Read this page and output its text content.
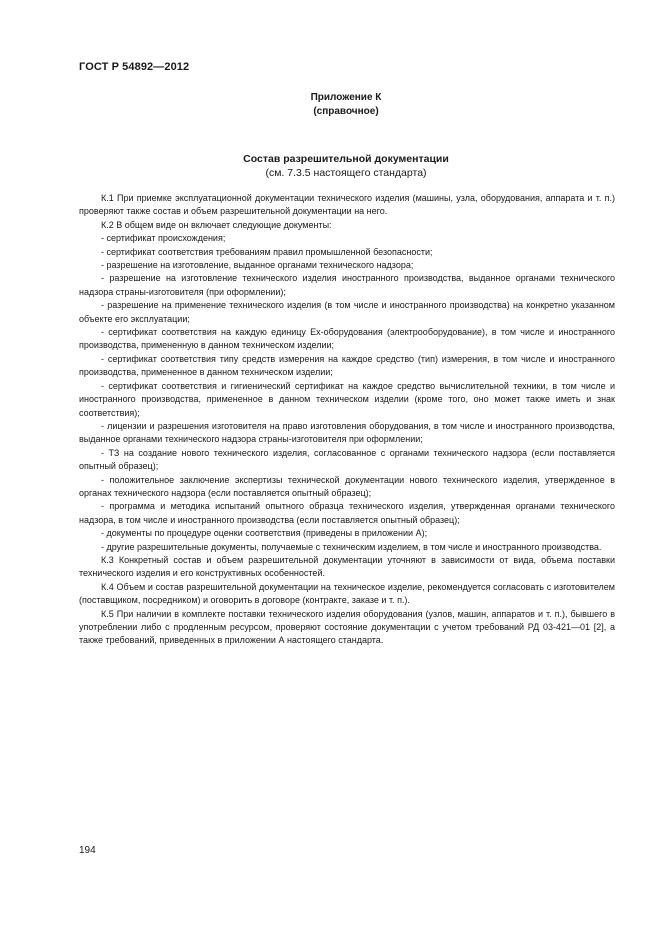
ГОСТ Р 54892—2012
Приложение К
(справочное)
Состав разрешительной документации
(см. 7.3.5 настоящего стандарта)

К.1 При приемке эксплуатационной документации технического изделия (машины, узла, оборудования, аппарата и т. п.) проверяют также состав и объем разрешительной документации на него.

К.2 В общем виде он включает следующие документы:

- сертификат происхождения;

- сертификат соответствия требованиям правил промышленной безопасности;

- разрешение на изготовление, выданное органами технического надзора;

- разрешение на изготовление технического изделия иностранного производства, выданное органами технического надзора страны-изготовителя (при оформлении);

- разрешение на применение технического изделия (в том числе и иностранного производства) на конкретно указанном объекте его эксплуатации;

- сертификат соответствия на каждую единицу Ex-оборудования (электрооборудование), в том числе и иностранного производства, примененную в данном техническом изделии;

- сертификат соответствия типу средств измерения на каждое средство (тип) измерения, в том числе и иностранного производства, примененное в данном техническом изделии;

- сертификат соответствия и гигиенический сертификат на каждое средство вычислительной техники, в том числе и иностранного производства, примененное в данном техническом изделии (кроме того, оно может также иметь и знак соответствия);

- лицензии и разрешения изготовителя на право изготовления оборудования, в том числе и иностранного производства, выданное органами технического надзора страны-изготовителя при оформлении;

- ТЗ на создание нового технического изделия, согласованное с органами технического надзора (если поставляется опытный образец);

- положительное заключение экспертизы технической документации нового технического изделия, утвержденное в органах технического надзора (если поставляется опытный образец);

- программа и методика испытаний опытного образца технического изделия, утвержденная органами технического надзора, в том числе и иностранного производства (если поставляется опытный образец);

- документы по процедуре оценки соответствия (приведены в приложении А);

- другие разрешительные документы, получаемые с техническим изделием, в том числе и иностранного производства.

К.3 Конкретный состав и объем разрешительной документации уточняют в зависимости от вида, объема поставки технического изделия и его конструктивных особенностей.

К.4 Объем и состав разрешительной документации на техническое изделие, рекомендуется согласовать с изготовителем (поставщиком, посредником) и оговорить в договоре (контракте, заказе и т. п.).

К.5 При наличии в комплекте поставки технического изделия оборудования (узлов, машин, аппаратов и т. п.), бывшего в употреблении либо с продленным ресурсом, проверяют состояние документации с учетом требований РД 03-421—01 [2], а также требований, приведенных в приложении А настоящего стандарта.

194
